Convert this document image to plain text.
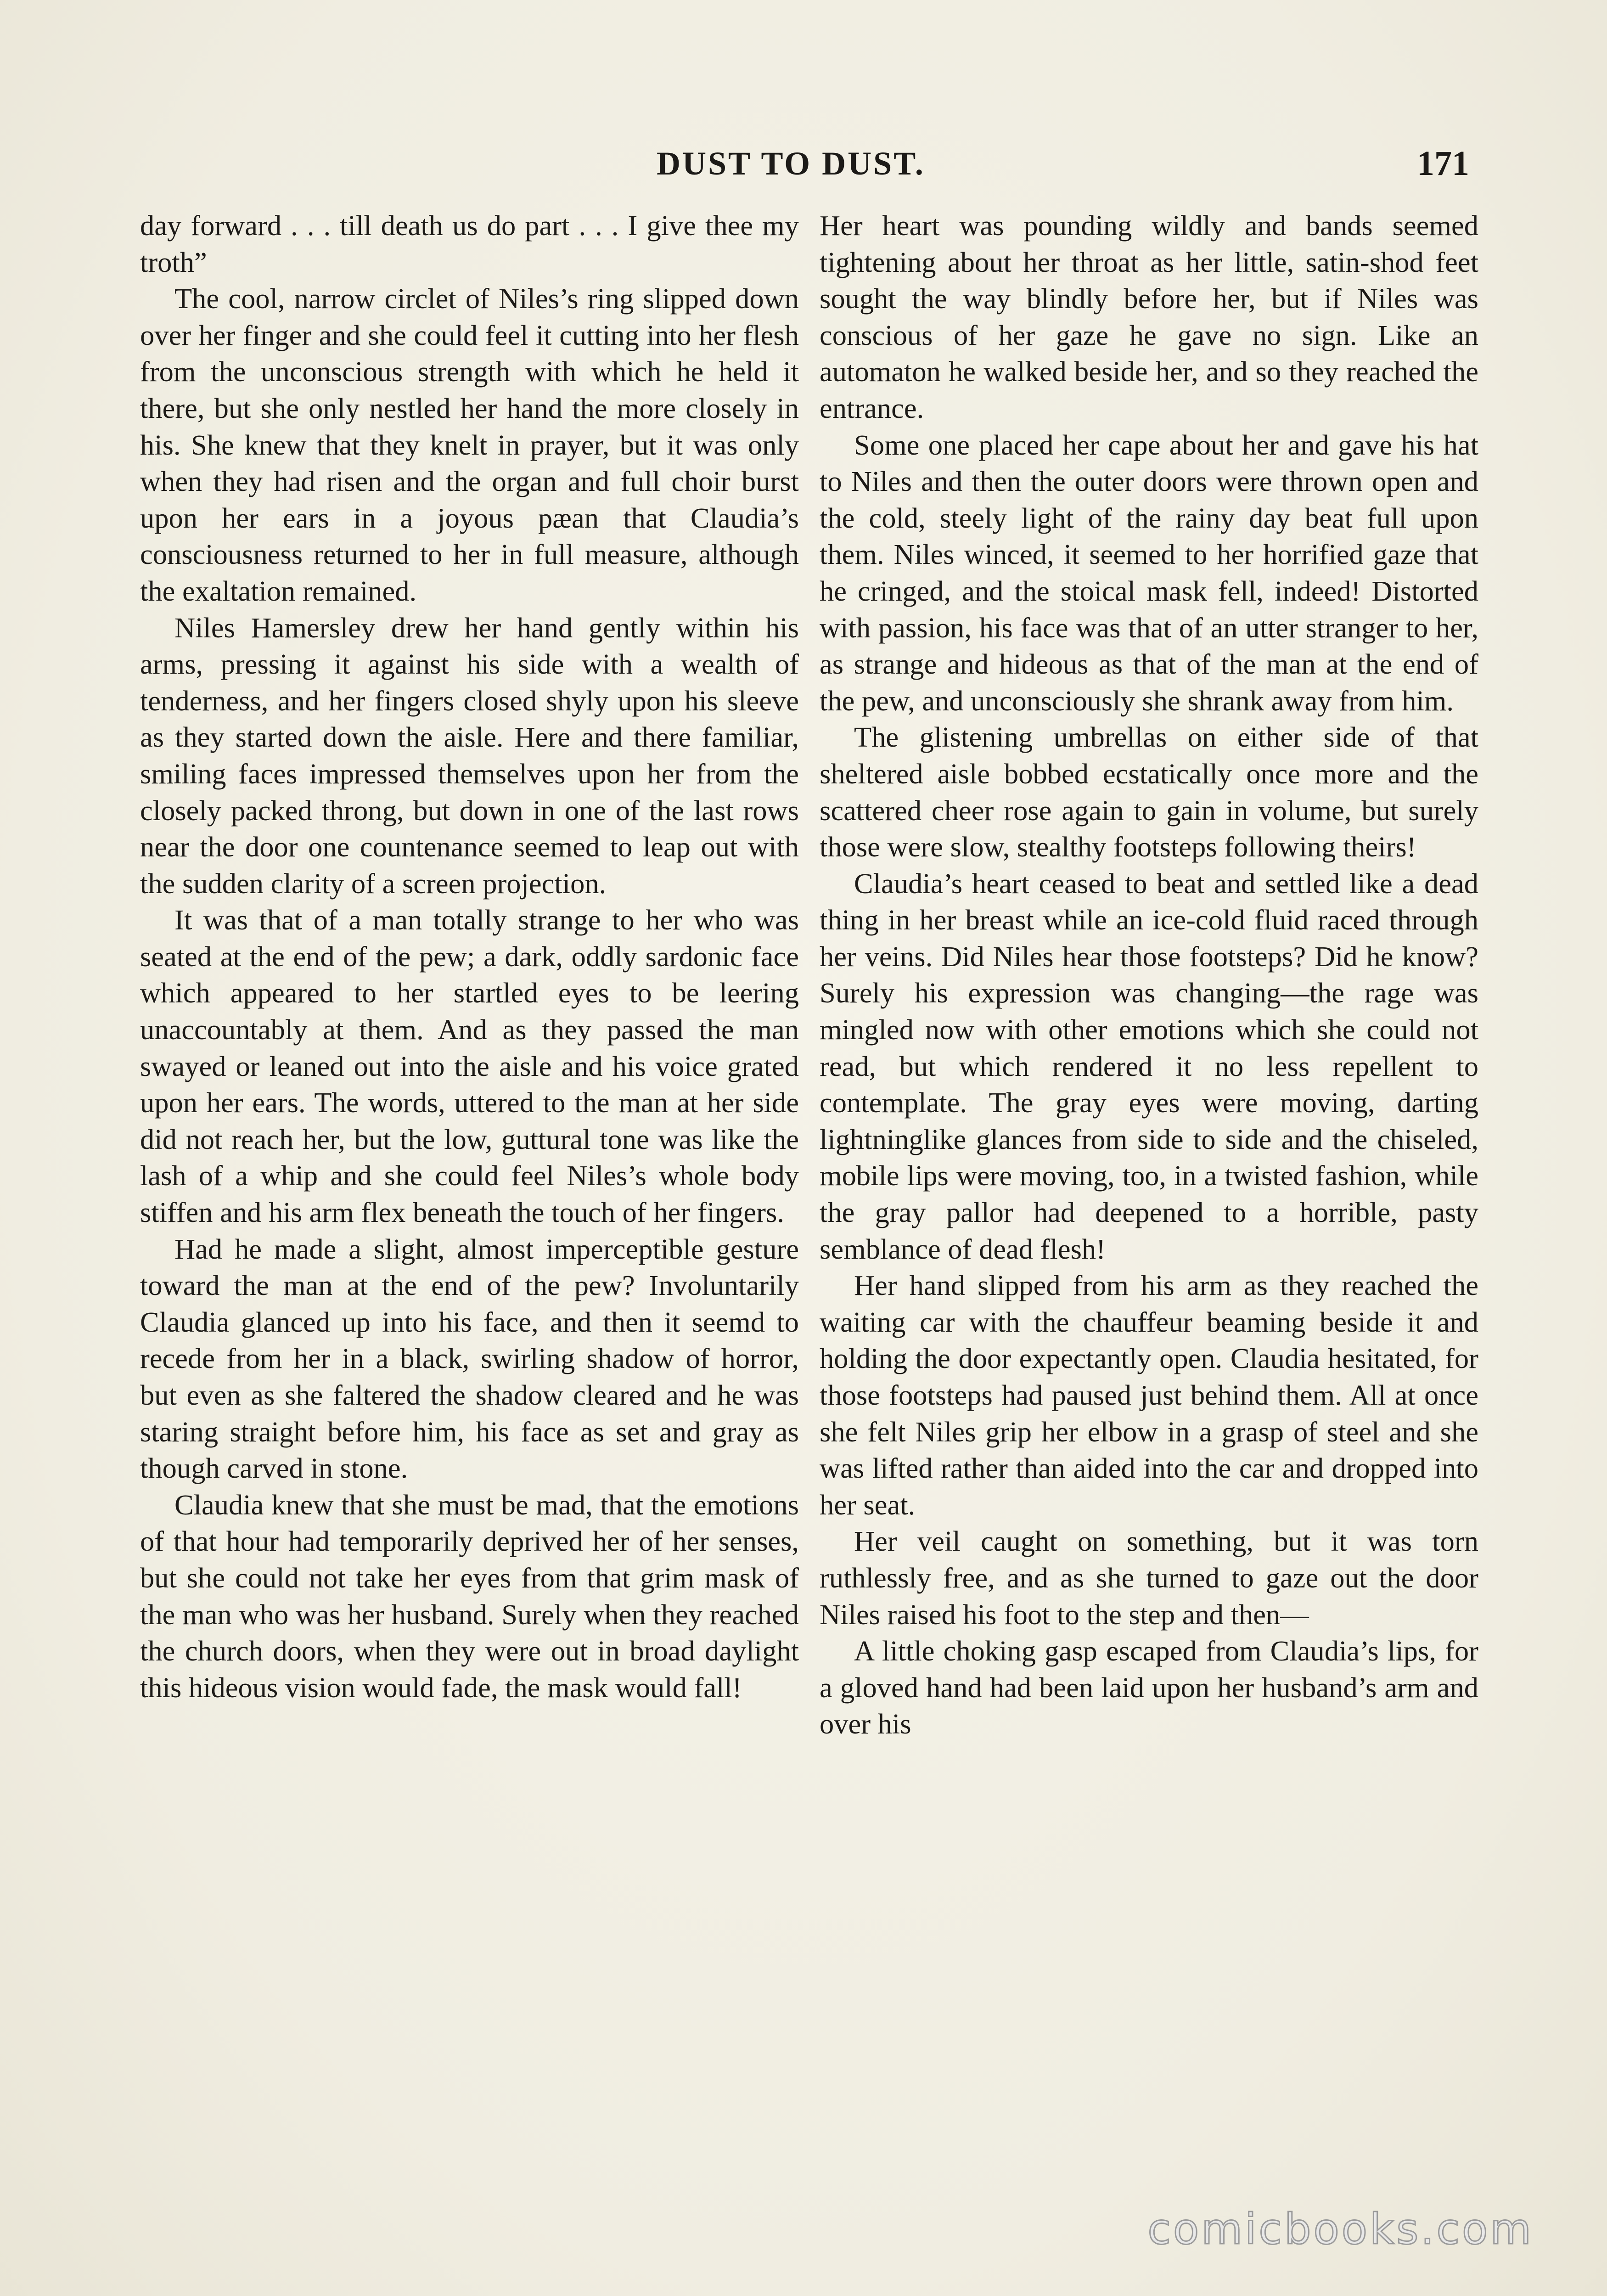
DUST TO DUST.	171

day forward . . . till death us do part . . . I give thee my troth”

The cool, narrow circlet of Niles’s ring slipped down over her finger and she could feel it cutting into her flesh from the unconscious strength with which he held it there, but she only nestled her hand the more closely in his. She knew that they knelt in prayer, but it was only when they had risen and the organ and full choir burst upon her ears in a joyous pæan that Claudia’s consciousness returned to her in full measure, although the exaltation remained.

Niles Hamersley drew her hand gently within his arms, pressing it against his side with a wealth of tenderness, and her fingers closed shyly upon his sleeve as they started down the aisle. Here and there familiar, smiling faces impressed themselves upon her from the closely packed throng, but down in one of the last rows near the door one countenance seemed to leap out with the sudden clarity of a screen projection.

It was that of a man totally strange to her who was seated at the end of the pew; a dark, oddly sardonic face which appeared to her startled eyes to be leering unaccountably at them. And as they passed the man swayed or leaned out into the aisle and his voice grated upon her ears. The words, uttered to the man at her side did not reach her, but the low, guttural tone was like the lash of a whip and she could feel Niles’s whole body stiffen and his arm flex beneath the touch of her fingers.

Had he made a slight, almost imperceptible gesture toward the man at the end of the pew? Involuntarily Claudia glanced up into his face, and then it seemd to recede from her in a black, swirling shadow of horror, but even as she faltered the shadow cleared and he was staring straight before him, his face as set and gray as though carved in stone.

Claudia knew that she must be mad, that the emotions of that hour had temporarily deprived her of her senses, but she could not take her eyes from that grim mask of the man who was her husband. Surely when they reached the church doors, when they were out in broad daylight this hideous vision would fade, the mask would fall!

Her heart was pounding wildly and bands seemed tightening about her throat as her little, satin-shod feet sought the way blindly before her, but if Niles was conscious of her gaze he gave no sign. Like an automaton he walked beside her, and so they reached the entrance.

Some one placed her cape about her and gave his hat to Niles and then the outer doors were thrown open and the cold, steely light of the rainy day beat full upon them. Niles winced, it seemed to her horrified gaze that he cringed, and the stoical mask fell, indeed! Distorted with passion, his face was that of an utter stranger to her, as strange and hideous as that of the man at the end of the pew, and unconsciously she shrank away from him.

The glistening umbrellas on either side of that sheltered aisle bobbed ecstatically once more and the scattered cheer rose again to gain in volume, but surely those were slow, stealthy footsteps following theirs!

Claudia’s heart ceased to beat and settled like a dead thing in her breast while an ice-cold fluid raced through her veins. Did Niles hear those footsteps? Did he know? Surely his expression was changing—the rage was mingled now with other emotions which she could not read, but which rendered it no less repellent to contemplate. The gray eyes were moving, darting lightninglike glances from side to side and the chiseled, mobile lips were moving, too, in a twisted fashion, while the gray pallor had deepened to a horrible, pasty semblance of dead flesh!

Her hand slipped from his arm as they reached the waiting car with the chauffeur beaming beside it and holding the door expectantly open. Claudia hesitated, for those footsteps had paused just behind them. All at once she felt Niles grip her elbow in a grasp of steel and she was lifted rather than aided into the car and dropped into her seat.

Her veil caught on something, but it was torn ruthlessly free, and as she turned to gaze out the door Niles raised his foot to the step and then—

A little choking gasp escaped from Claudia’s lips, for a gloved hand had been laid upon her husband’s arm and over his

comicbooks.com
